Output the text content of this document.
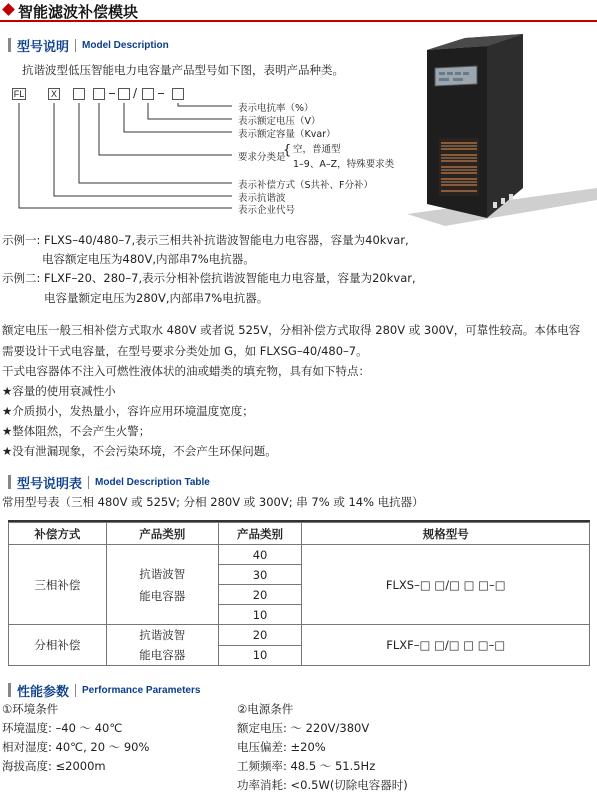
智能滤波补偿模块
型号说明 Model Description
抗谐波型低压智能电力电容量产品型号如下图，表明产品种类。
FL	X	/
表示电抗率（%）
表示额定电压（V）
表示额定容量（Kvar）
要求分类是
{ 空，普通型
1–9、A–Z，特殊要求类
表示补偿方式（S共补、F分补）
表示抗谐波
表示企业代号
示例一: FLXS–40/480–7,表示三相共补抗谐波智能电力电容器，容量为40kvar,
电容额定电压为480V,内部串7%电抗器。
示例二: FLXF–20、280–7,表示分相补偿抗谐波智能电力电容量，容量为20kvar,
电容量额定电压为280V,内部串7%电抗器。
额定电压一般三相补偿方式取水 480V 或者说 525V，分相补偿方式取得 280V 或 300V，可靠性较高。本体电容
需要设计干式电容量，在型号要求分类处加 G，如 FLXSG–40/480–7。
干式电容器体不注入可燃性液体状的油或蜡类的填充物，具有如下特点：
★容量的使用衰减性小
★介质损小，发热量小，容许应用环境温度宽度；
★整体阻然，不会产生火警；
★没有泄漏现象，不会污染环境，不会产生环保问题。
型号说明表 Model Description Table
常用型号表（三相 480V 或 525V; 分相 280V 或 300V; 串 7% 或 14% 电抗器）
补偿方式	产品类别	产品类别	规格型号
三相补偿	抗谐波智
能电容器	40	FLXS–□ □/□ □ □–□
		30	
		20	
		10	
分相补偿	抗谐波智
能电容器	20	FLXF–□ □/□ □ □–□
		10	
性能参数 Performance Parameters
①环境条件
环境温度: –40 ～ 40℃
相对湿度: 40℃, 20 ～ 90%
海拔高度: ≤2000m
②电源条件
额定电压: ～ 220V/380V
电压偏差: ±20%
工频频率: 48.5 ～ 51.5Hz
功率消耗: <0.5W(切除电容器时)
